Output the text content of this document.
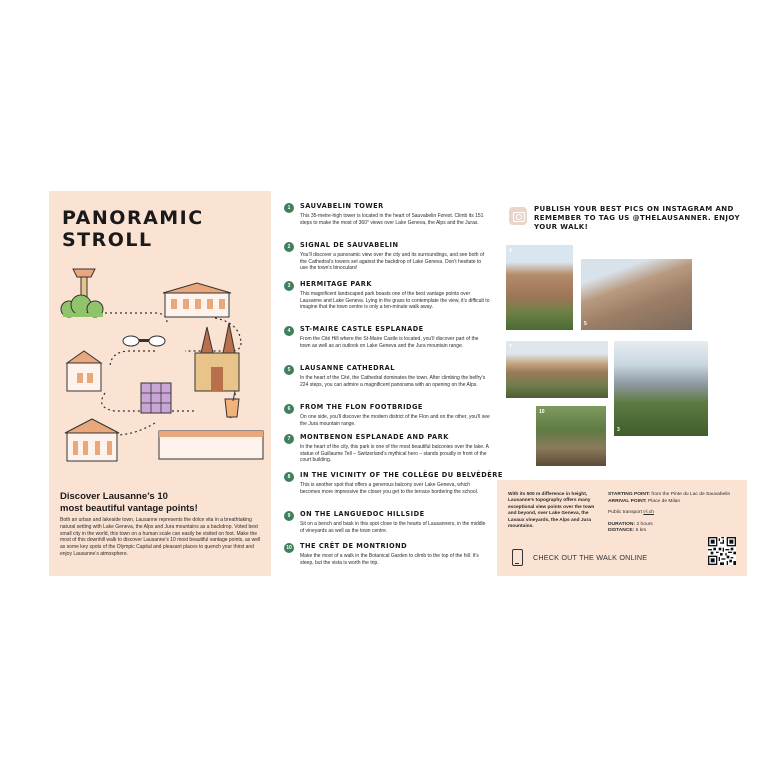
PANORAMIC
STROLL
Discover Lausanne’s 10
most beautiful vantage points!

Both an urban and lakeside town, Lausanne represents the dolce vita in a breathtaking natural setting with Lake Geneva, the Alps and Jura mountains as a backdrop. Voted best small city in the world, this town on a human scale can easily be visited on foot. Make the most of this downhill walk to discover Lausanne’s 10 most beautiful vantage points, as well as some key spots of the Olympic Capital and pleasant places to quench your thirst and enjoy Lausanne’s atmosphere.

1	SAUVABELIN TOWER
This 35-metre-high tower is located in the heart of Sauvabelin Forest. Climb its 151 steps to make the most of 360° views over Lake Geneva, the Alps and the Juras.
2	SIGNAL DE SAUVABELIN
You’ll discover a panoramic view over the city and its surroundings, and see both of the Cathedral’s towers set against the backdrop of Lake Geneva. Don’t hesitate to use the town’s binoculars!
3	HERMITAGE PARK
This magnificent landscaped park boasts one of the best vantage points over Lausanne and Lake Geneva. Lying in the grass to contemplate the view, it’s difficult to imagine that the town centre is only a ten-minute walk away.
4	ST-MAIRE CASTLE ESPLANADE
From the Cité Hill where the St-Maire Castle is located, you’ll discover part of the town as well as an outlook on Lake Geneva and the Jura mountain range.
5	LAUSANNE CATHEDRAL
In the heart of the Cité, the Cathedral dominates the town. After climbing the belfry’s 224 steps, you can admire a magnificent panorama with an opening on the Alps.
6	FROM THE FLON FOOTBRIDGE
On one side, you’ll discover the modern district of the Flon and on the other, you’ll see the Jura mountain range.
7	MONTBENON ESPLANADE AND PARK
In the heart of the city, this park is one of the most beautiful balconies over the lake. A statue of Guillaume Tell – Switzerland’s mythical hero – stands proudly in front of the court building.
8	IN THE VICINITY OF THE COLLÈGE DU BELVÉDÈRE
This is another spot that offers a generous balcony over Lake Geneva, which becomes more impressive the closer you get to the terrace bordering the school.
9	ON THE LANGUEDOC HILLSIDE
Sit on a bench and bask in this spot close to the hearts of Lausanners, in the middle of vineyards as well as the town centre.
10	THE CRÊT DE MONTRIOND
Make the most of a walk in the Botanical Garden to climb to the top of the hill. It’s steep, but the vista is worth the trip.
PUBLISH YOUR BEST PICS ON INSTAGRAM AND REMEMBER TO TAG US @THELAUSANNER. ENJOY YOUR WALK!
4
5
7
3
10

With its 500 m difference in height, Lausanne’s topography offers many exceptional view points over the town and beyond, over Lake Geneva, the Lavaux vineyards, the Alps and Jura mountains.

STARTING POINT: from the Pinte du Lac de Sauvabelin
ARRIVAL POINT: Place de Milan
Public transport t-l.ch
DURATION: 2 hours
DISTANCE: 6 km
CHECK OUT THE WALK ONLINE
